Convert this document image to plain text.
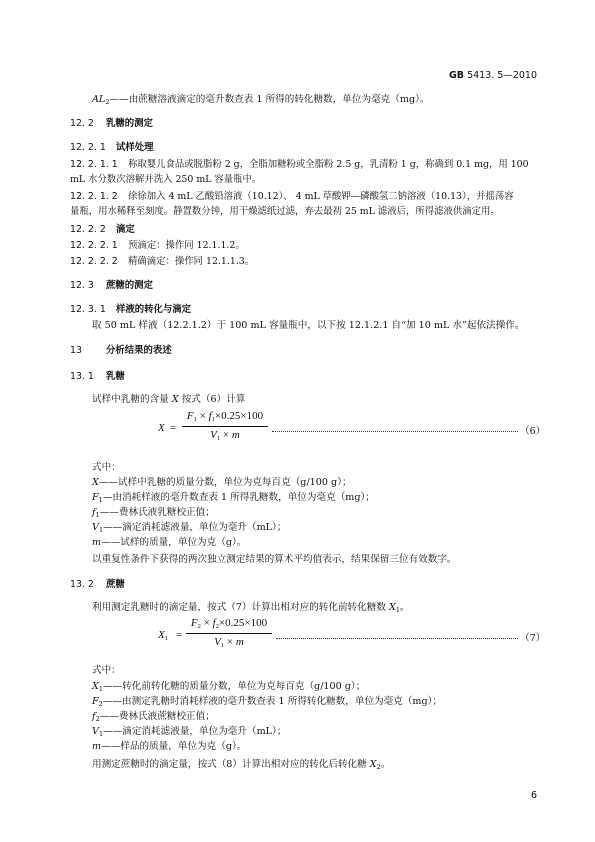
GB 5413. 5—2010
$AL_2——$由蔗糖溶液滴定的毫升数查表 1 所得的转化糖数，单位为毫克（mg）。
12. 2 乳糖的测定
12. 2. 1 试样处理
12. 2. 1. 1 称取婴儿食品或脱脂粉 2 g，全脂加糖粉或全脂粉 2.5 g，乳清粉 1 g，称确到 0.1 mg，用 100
mL 水分数次溶解并洗入 250 mL 容量瓶中。
12. 2. 1. 2 徐徐加入 4 mL 乙酸铅溶液（10.12）、 4 mL 草酸钾—磷酸氢二钠溶液（10.13），并摇荡容
量瓶，用水稀释至刻度。静置数分钟，用干燥滤纸过滤，弃去最初 25 mL 滤液后，所得滤液供滴定用。
12. 2. 2 滴定
12. 2. 2. 1 预滴定：操作同 12.1.1.2。
12. 2. 2. 2 精确滴定：操作同 12.1.1.3。
12. 3 蔗糖的测定
12. 3. 1 样液的转化与滴定
取 50 mL 样液（12.2.1.2）于 100 mL 容量瓶中，以下按 12.1.2.1 自“加 10 mL 水”起依法操作。
13	分析结果的表述
13. 1 乳糖
试样中乳糖的含量 X 按式（6）计算
X =
$F_1 \times f_1\times 0.25\times 100$
$V_1 \times m$	（6）
式中：
X——试样中乳糖的质量分数，单位为克每百克（g/100 g）；
$F_1—$由消耗样液的毫升数查表 1 所得乳糖数，单位为毫克（mg）；
$f_1——$费林氏液乳糖校正值；
$V_1——$滴定消耗滤液量，单位为毫升（mL）；
m——试样的质量，单位为克（g）。
以重复性条件下获得的两次独立测定结果的算术平均值表示，结果保留三位有效数字。
13. 2 蔗糖
利用测定乳糖时的滴定量，按式（7）计算出相对应的转化前转化糖数 $X_1$。
$X_1$ =
$F_2 \times f_2\times 0.25\times 100$
$V_1 \times m$	（7）
式中：
$X_1——$转化前转化糖的质量分数，单位为克每百克（g/100 g）；
$F_2——$由测定乳糖时消耗样液的毫升数查表 1 所得转化糖数，单位为毫克（mg）；
$f_2——$费林氏液蔗糖校正值；
$V_1——$滴定消耗滤液量，单位为毫升（mL）；
m——样品的质量，单位为克（g）。
用测定蔗糖时的滴定量，按式（8）计算出相对应的转化后转化糖 $X_2$。
6
